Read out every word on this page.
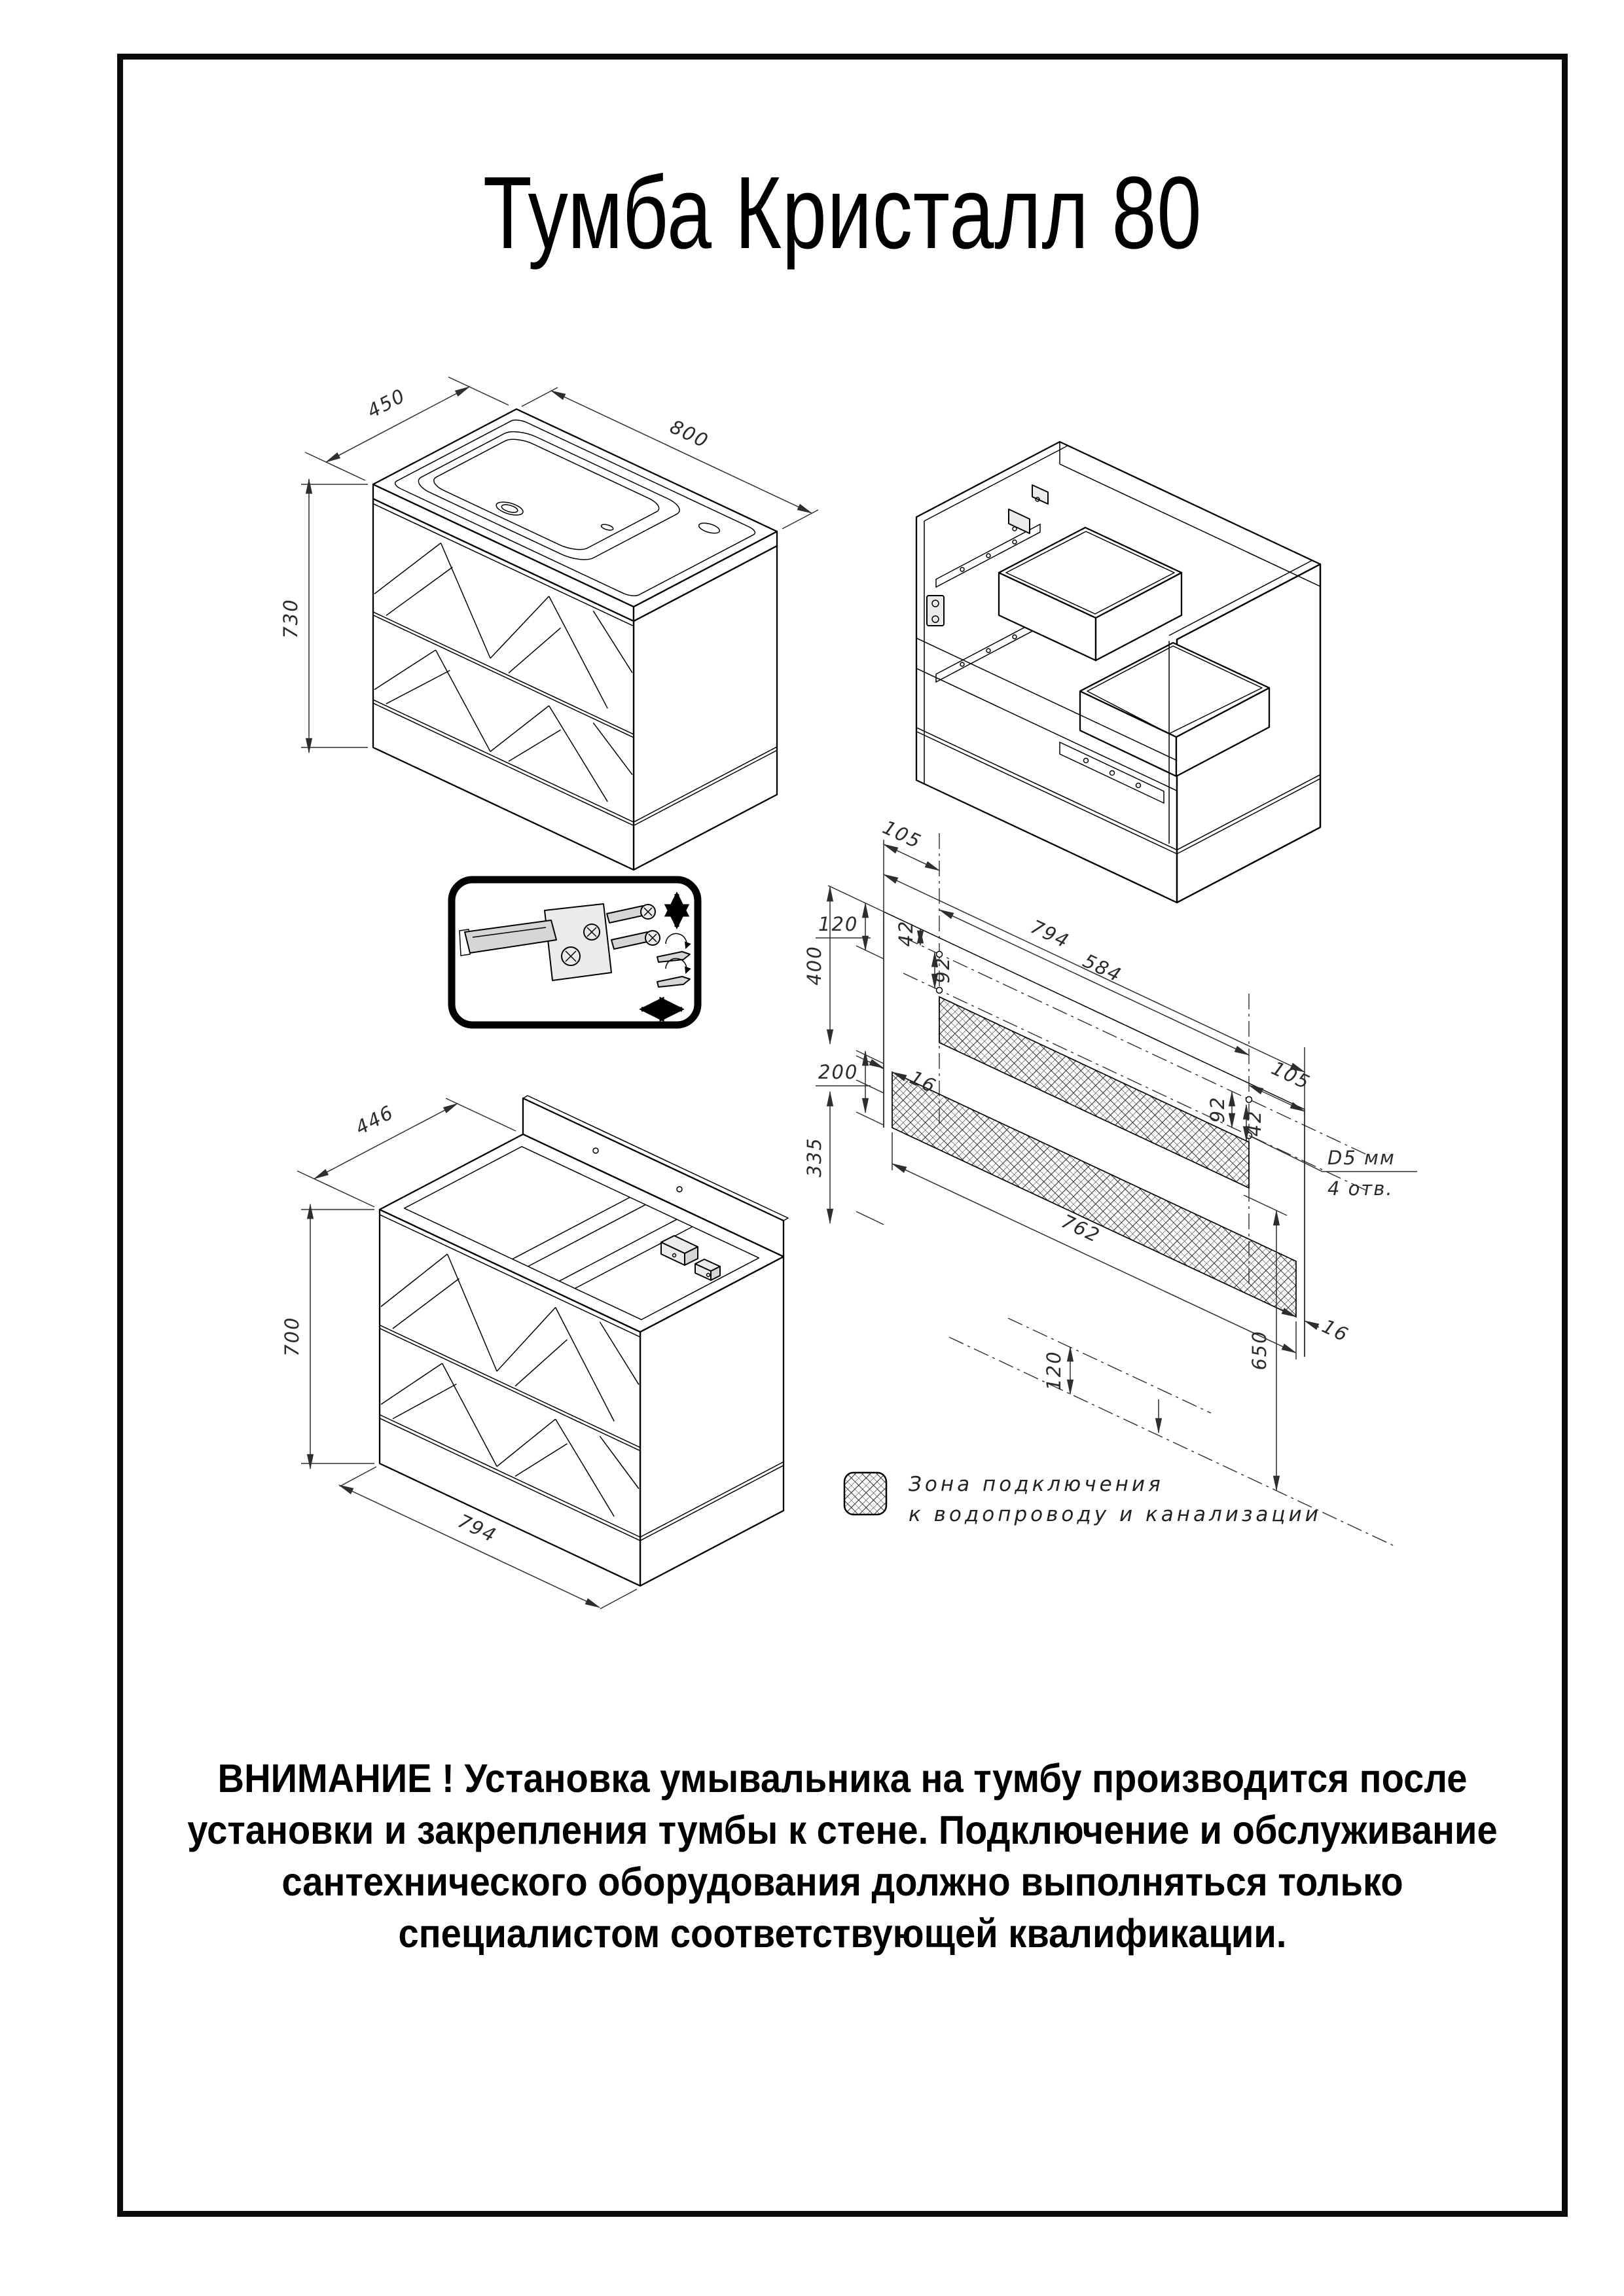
Тумба Кристалл 80
450
800
730
446
700
794
105
794
584
105
42
92
92
42
120
400
200
335
762
16
16
650
120
D5 мм
4 отв.
Зона подключения
к водопроводу и канализации
ВНИМАНИЕ ! Установка умывальника на тумбу производится после
установки и закрепления тумбы к стене. Подключение и обслуживание
сантехнического оборудования должно выполняться только
специалистом соответствующей квалификации.
